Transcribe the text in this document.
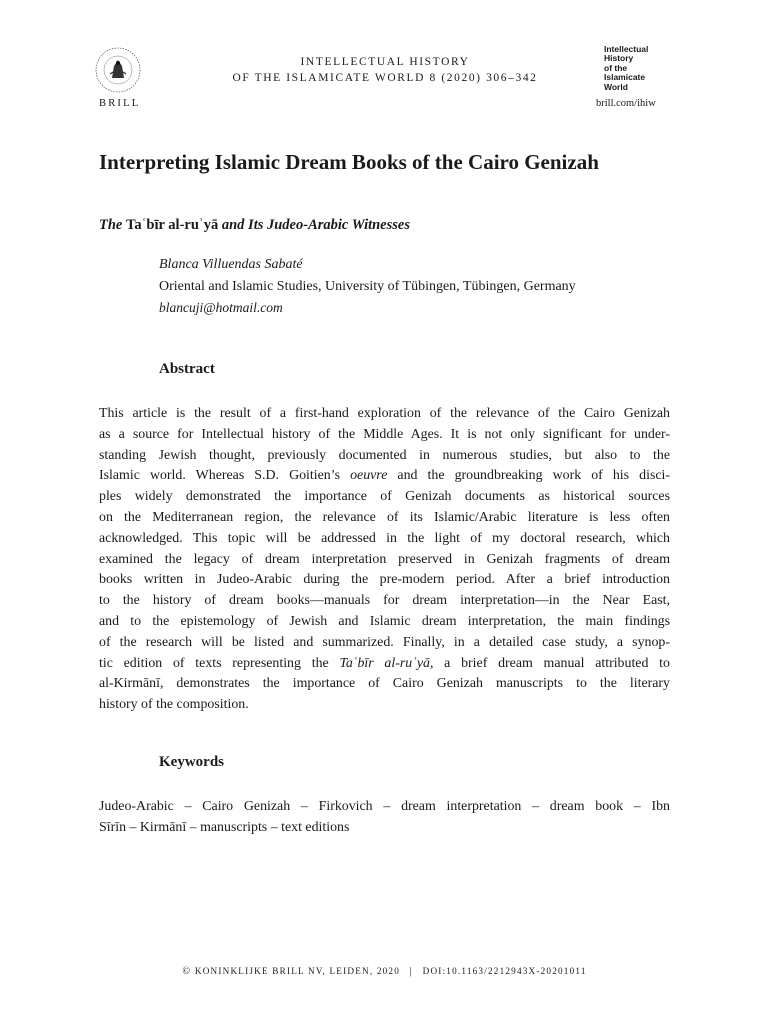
BRILL
INTELLECTUAL HISTORY
OF THE ISLAMICATE WORLD 8 (2020) 306–342
Intellectual
History
of the
Islamicate
World
brill.com/ihiw
Interpreting Islamic Dream Books of the Cairo Genizah
The Taʿbīr al-ruʾyā and Its Judeo-Arabic Witnesses
Blanca Villuendas Sabaté
Oriental and Islamic Studies, University of Tübingen, Tübingen, Germany
blancuji@hotmail.com
Abstract

This article is the result of a first-hand exploration of the relevance of the Cairo Genizah
as a source for Intellectual history of the Middle Ages. It is not only significant for under-
standing Jewish thought, previously documented in numerous studies, but also to the
Islamic world. Whereas S.D. Goitien’s oeuvre and the groundbreaking work of his disci-
ples widely demonstrated the importance of Genizah documents as historical sources
on the Mediterranean region, the relevance of its Islamic/Arabic literature is less often
acknowledged. This topic will be addressed in the light of my doctoral research, which
examined the legacy of dream interpretation preserved in Genizah fragments of dream
books written in Judeo-Arabic during the pre-modern period. After a brief introduction
to the history of dream books—manuals for dream interpretation—in the Near East,
and to the epistemology of Jewish and Islamic dream interpretation, the main findings
of the research will be listed and summarized. Finally, in a detailed case study, a synop-
tic edition of texts representing the Taʿbīr al-ruʾyā, a brief dream manual attributed to
al-Kirmānī, demonstrates the importance of Cairo Genizah manuscripts to the literary
history of the composition.

Keywords
Judeo-Arabic – Cairo Genizah – Firkovich – dream interpretation – dream book – Ibn
Sīrīn – Kirmānī – manuscripts – text editions
© KONINKLIJKE BRILL NV, LEIDEN, 2020 | DOI:10.1163/2212943X-20201011
